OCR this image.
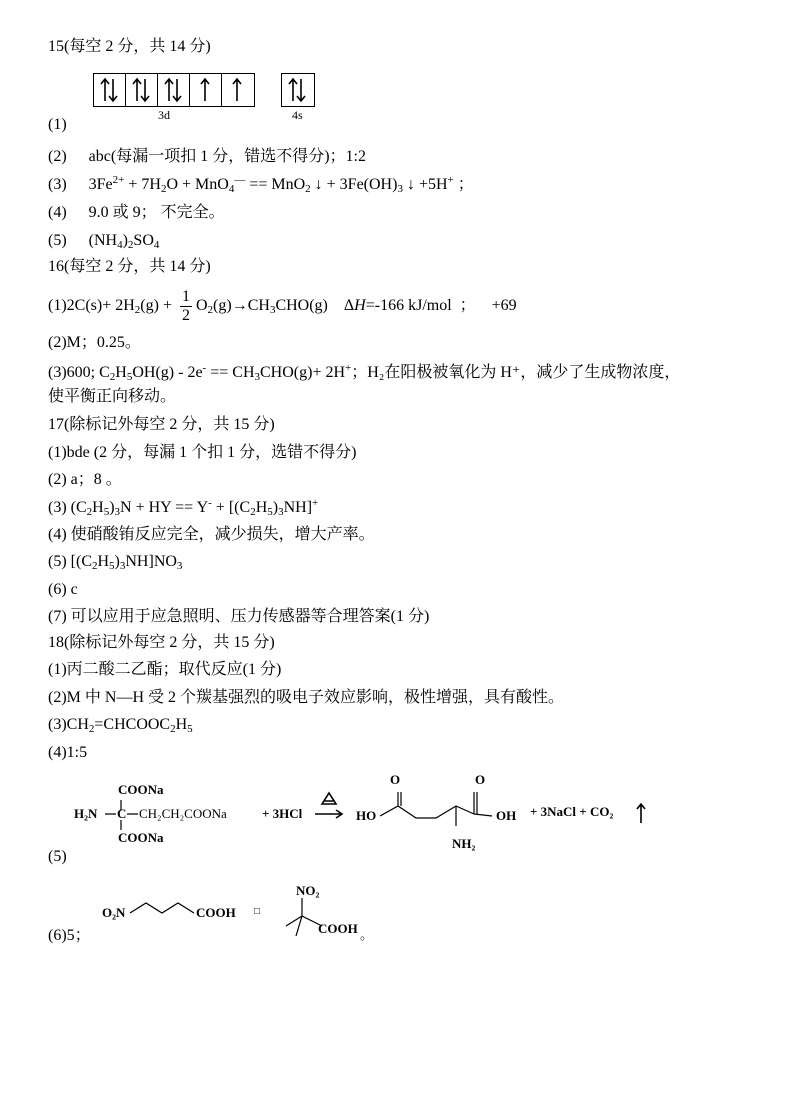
15(每空 2 分，共 14 分)
3d	4s
(1)
(2) abc(每漏一项扣 1 分，错选不得分)；1:2
(3) $3Fe^{2+} + 7H_2O + MnO_4^— == MnO_2$ ↓ + $3Fe(OH)_3$ ↓ +5H+ ；
(4) 9.0 或 9； 不完全。
(5) $(NH_4)_2SO_4$
16(每空 2 分，共 14 分)
$(1)2C(s)+ 2H_2(g) + \frac{1}{2} O_2(g)\to CH_3CHO(g)$    ΔH=-166 kJ/mol  ；    +69
(2)M；0.25。
(3)600; $C_2H_5OH(g) - 2e^- == CH_3CHO(g)+ 2H^+$；H₂在阳极被氧化为 H⁺，减少了生成物浓度，
使平衡正向移动。
17(除标记外每空 2 分，共 15 分)
(1)bde (2 分，每漏 1 个扣 1 分，选错不得分)
(2) a；8 。
(3) $(C_2H_5)_3N$ + HY == $Y^- + [(C_2H_5)_3NH]^+$
(4) 使硝酸铕反应完全，减少损失，增大产率。
(5) $[(C_2H_5)_3NH]NO_3$
(6) c
(7) 可以应用于应急照明、压力传感器等合理答案(1 分)
18(除标记外每空 2 分，共 15 分)
(1)丙二酸二乙酯；取代反应(1 分)
(2)M 中 N—H 受 2 个羰基强烈的吸电子效应影响，极性增强，具有酸性。
$(3)CH_2=CHCOOC_2H_5$
(4)1:5
COONa
H₂N C CH₂CH₂COONa
COONa
+ 3HCl
O	O
HO	OH
NH₂
+ 3NaCl + CO₂
(5)
O₂N	COOH □
NO₂
COOH 。
(6)5；
